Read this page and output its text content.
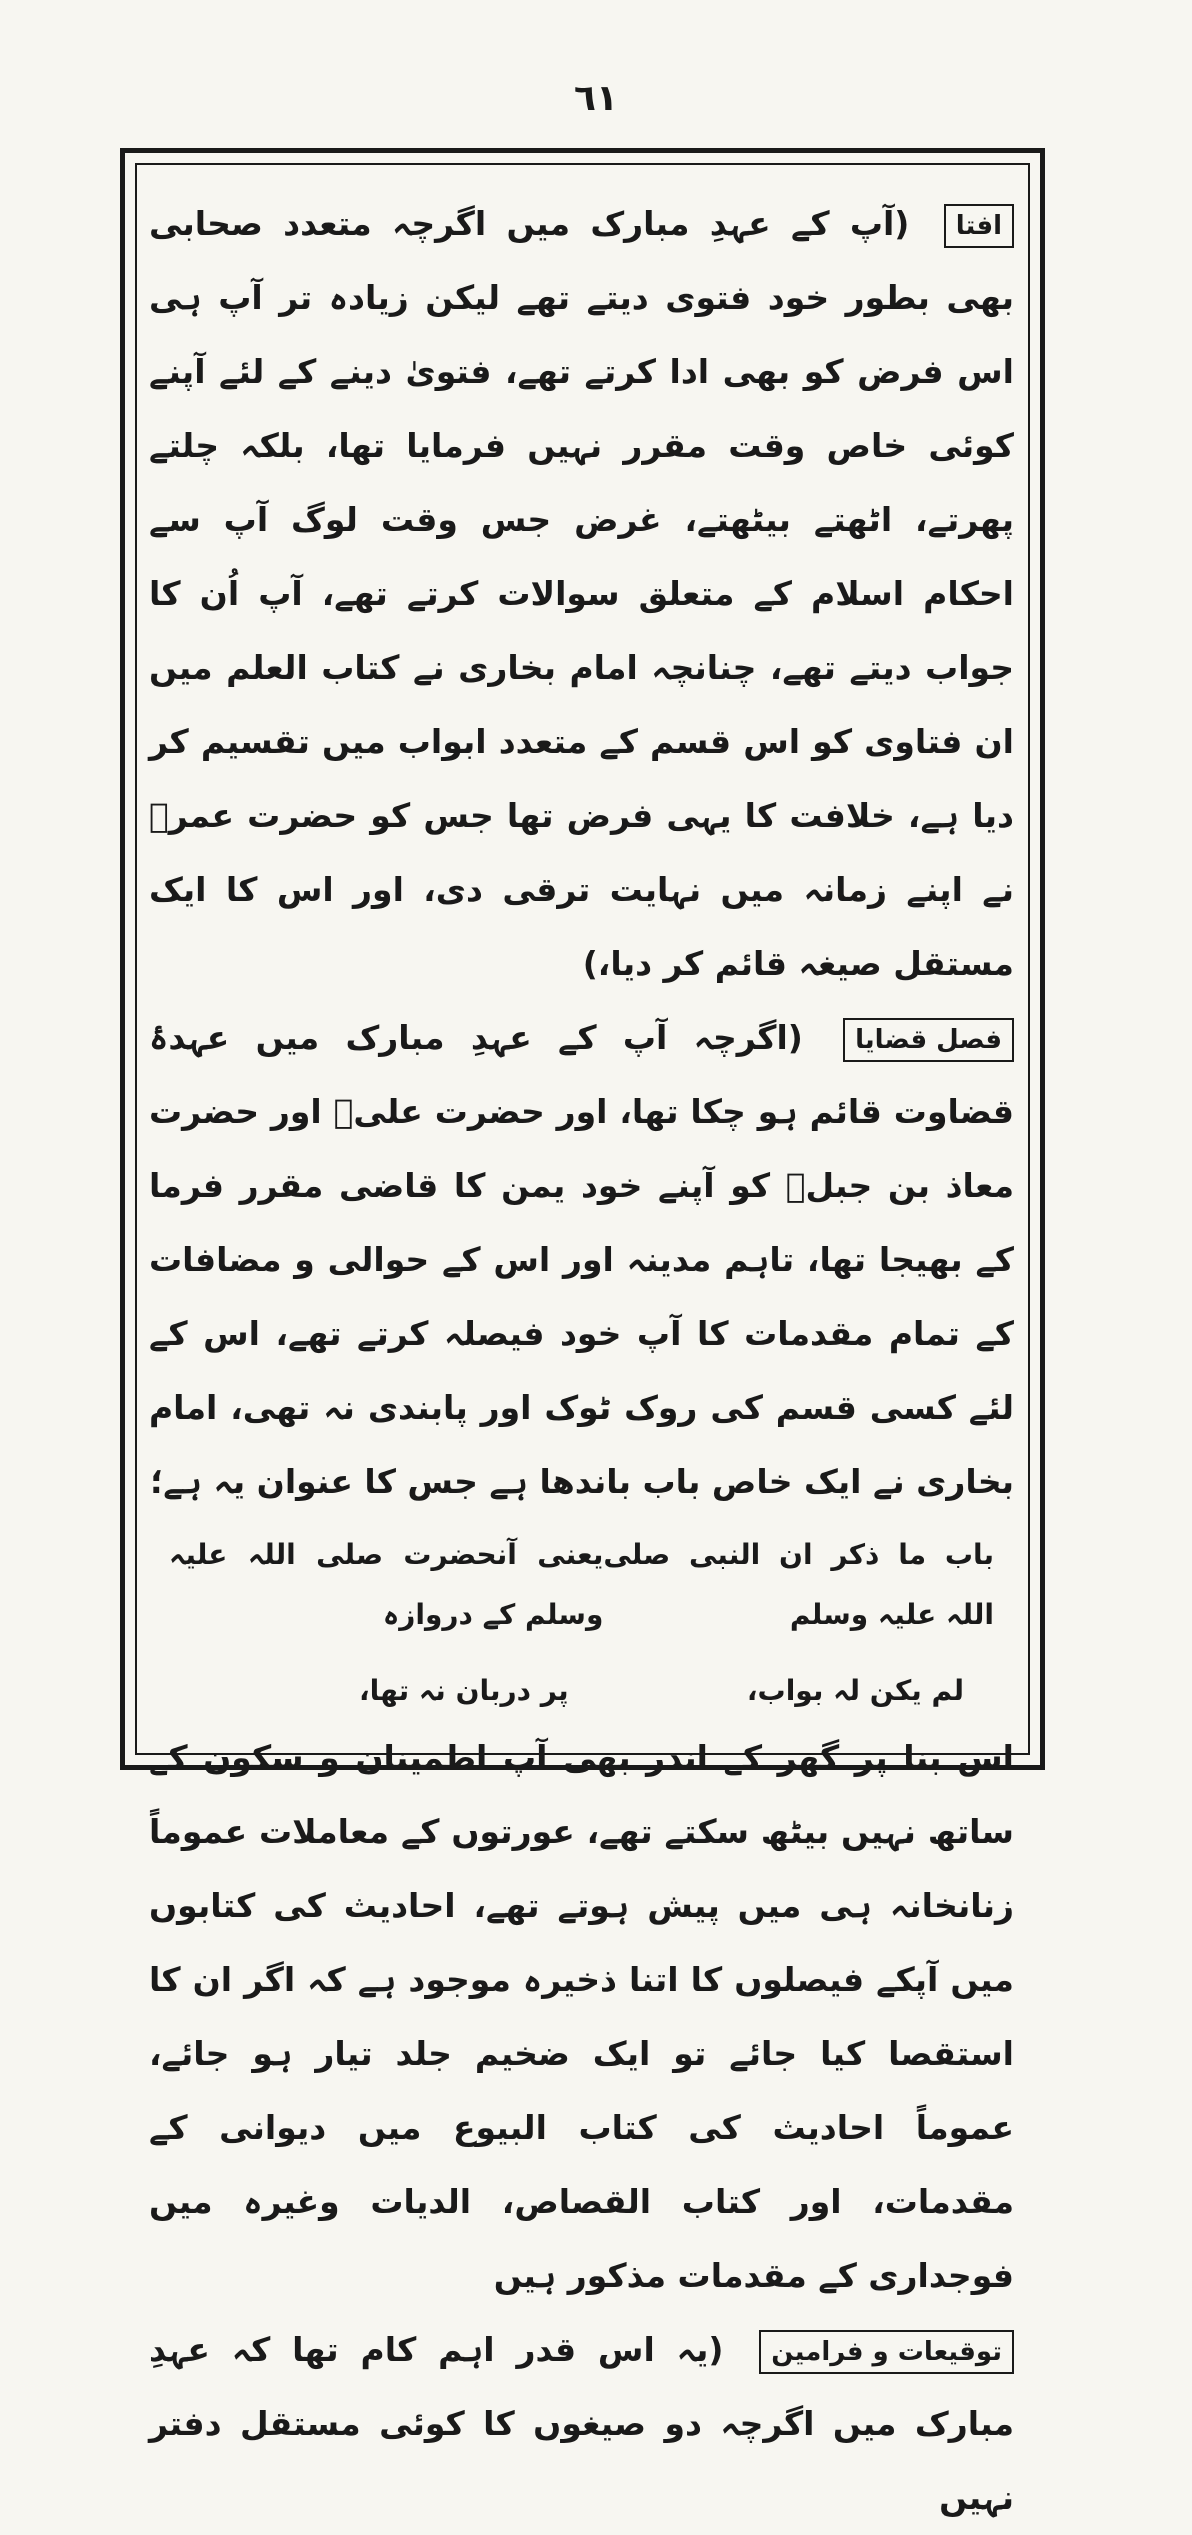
٦١

افتا (آپ کے عہدِ مبارک میں اگرچہ متعدد صحابی بھی بطور خود فتوی دیتے تھے لیکن زیادہ تر آپ ہی اس فرض کو بھی ادا کرتے تھے، فتویٰ دینے کے لئے آپنے کوئی خاص وقت مقرر نہیں فرمایا تھا، بلکہ چلتے پھرتے، اٹھتے بیٹھتے، غرض جس وقت لوگ آپ سے احکام اسلام کے متعلق سوالات کرتے تھے، آپ اُن کا جواب دیتے تھے، چنانچہ امام بخاری نے کتاب العلم میں ان فتاوی کو اس قسم کے متعدد ابواب میں تقسیم کر دیا ہے، خلافت کا یہی فرض تھا جس کو حضرت عمرؓ نے اپنے زمانہ میں نہایت ترقی دی، اور اس کا ایک مستقل صیغہ قائم کر دیا،)

فصل قضایا (اگرچہ آپ کے عہدِ مبارک میں عہدۂ قضاوت قائم ہو چکا تھا، اور حضرت علیؓ اور حضرت معاذ بن جبلؓ کو آپنے خود یمن کا قاضی مقرر فرما کے بھیجا تھا، تاہم مدینہ اور اس کے حوالی و مضافات کے تمام مقدمات کا آپ خود فیصلہ کرتے تھے، اس کے لئے کسی قسم کی روک ٹوک اور پابندی نہ تھی، امام بخاری نے ایک خاص باب باندھا ہے جس کا عنوان یہ ہے؛

باب ما ذکر ان النبی صلی اللہ علیہ وسلم
یعنی آنحضرت صلی اللہ علیہ وسلم کے دروازہ
لم یکن لہ بواب،
پر دربان نہ تھا،

اس بنا پر گھر کے اندر بھی آپ اطمینان و سکون کے ساتھ نہیں بیٹھ سکتے تھے، عورتوں کے معاملات عموماً زنانخانہ ہی میں پیش ہوتے تھے، احادیث کی کتابوں میں آپکے فیصلوں کا اتنا ذخیرہ موجود ہے کہ اگر ان کا استقصا کیا جائے تو ایک ضخیم جلد تیار ہو جائے، عموماً احادیث کی کتاب البیوع میں دیوانی کے مقدمات، اور کتاب القصاص، الدیات وغیرہ میں فوجداری کے مقدمات مذکور ہیں

توقیعات و فرامین (یہ اس قدر اہم کام تھا کہ عہدِ مبارک میں اگرچہ دو صیغوں کا کوئی مستقل دفتر نہیں
